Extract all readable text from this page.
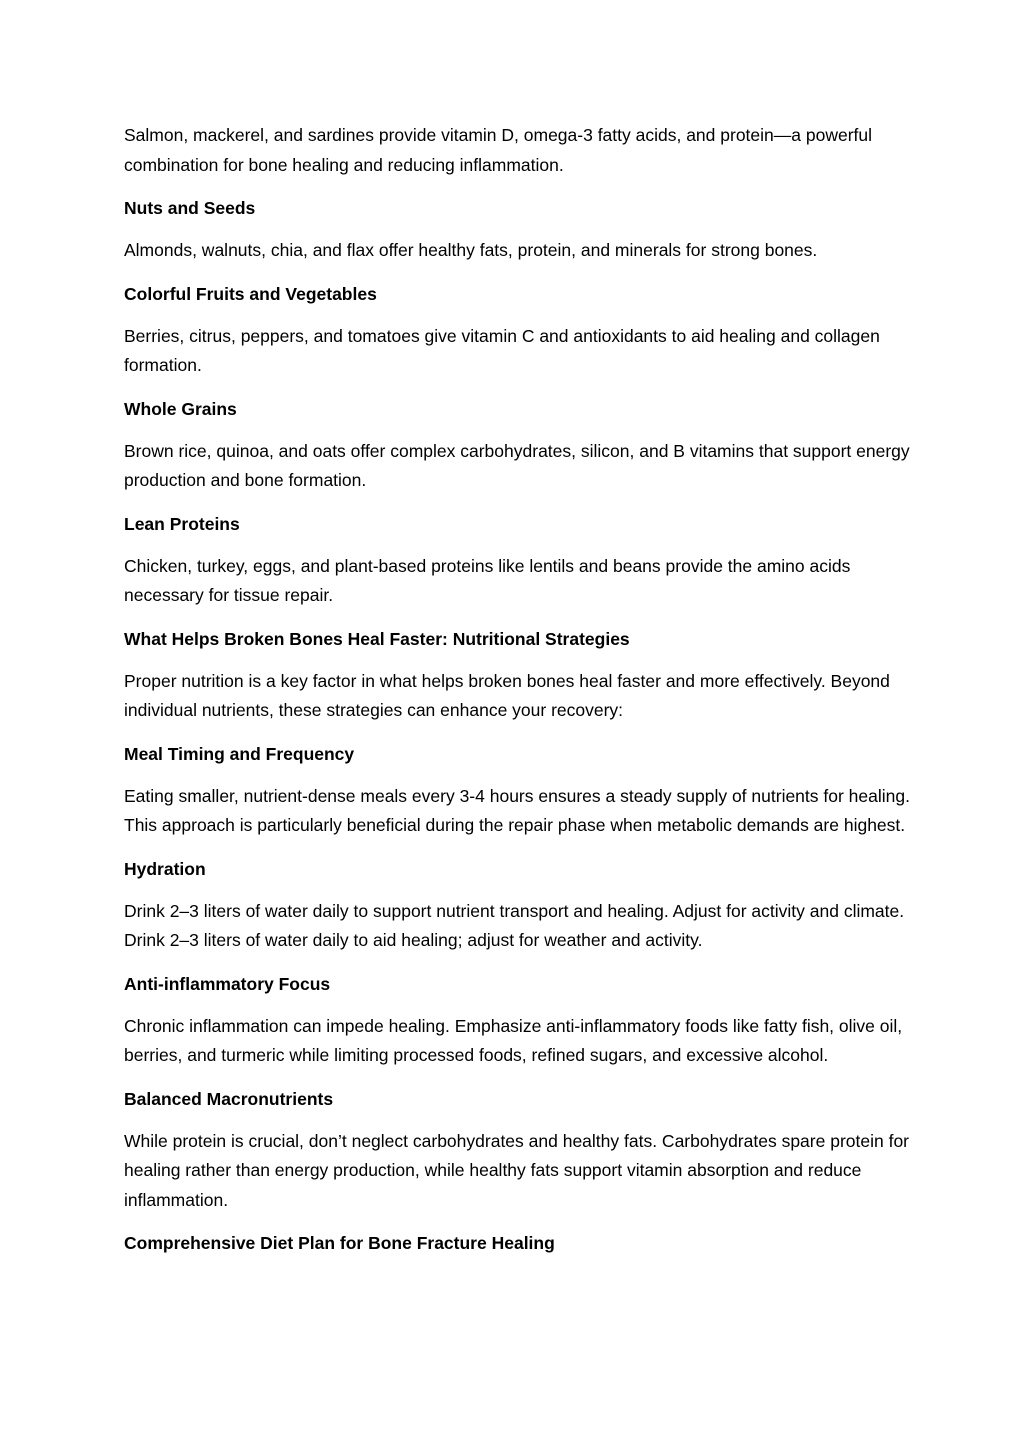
Salmon, mackerel, and sardines provide vitamin D, omega-3 fatty acids, and protein—a powerful combination for bone healing and reducing inflammation.

Nuts and Seeds

Almonds, walnuts, chia, and flax offer healthy fats, protein, and minerals for strong bones.

Colorful Fruits and Vegetables

Berries, citrus, peppers, and tomatoes give vitamin C and antioxidants to aid healing and collagen formation.

Whole Grains

Brown rice, quinoa, and oats offer complex carbohydrates, silicon, and B vitamins that support energy production and bone formation.

Lean Proteins

Chicken, turkey, eggs, and plant-based proteins like lentils and beans provide the amino acids necessary for tissue repair.

What Helps Broken Bones Heal Faster: Nutritional Strategies

Proper nutrition is a key factor in what helps broken bones heal faster and more effectively. Beyond individual nutrients, these strategies can enhance your recovery:

Meal Timing and Frequency

Eating smaller, nutrient-dense meals every 3-4 hours ensures a steady supply of nutrients for healing. This approach is particularly beneficial during the repair phase when metabolic demands are highest.

Hydration

Drink 2–3 liters of water daily to support nutrient transport and healing. Adjust for activity and climate. Drink 2–3 liters of water daily to aid healing; adjust for weather and activity.

Anti-inflammatory Focus

Chronic inflammation can impede healing. Emphasize anti-inflammatory foods like fatty fish, olive oil, berries, and turmeric while limiting processed foods, refined sugars, and excessive alcohol.

Balanced Macronutrients

While protein is crucial, don’t neglect carbohydrates and healthy fats. Carbohydrates spare protein for healing rather than energy production, while healthy fats support vitamin absorption and reduce inflammation.

Comprehensive Diet Plan for Bone Fracture Healing
